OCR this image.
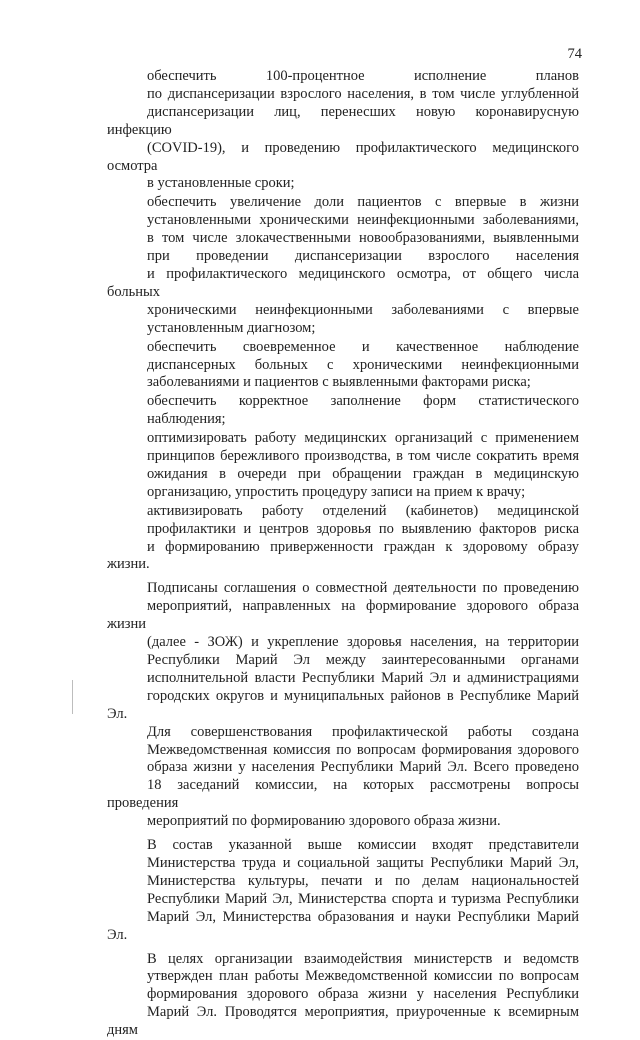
74

обеспечить 100-процентное исполнение планов
по диспансеризации взрослого населения, в том числе углубленной
диспансеризации лиц, перенесших новую коронавирусную инфекцию
(COVID-19), и проведению профилактического медицинского осмотра
в установленные сроки;

обеспечить увеличение доли пациентов с впервые в жизни
установленными хроническими неинфекционными заболеваниями,
в том числе злокачественными новообразованиями, выявленными
при проведении диспансеризации взрослого населения
и профилактического медицинского осмотра, от общего числа больных
хроническими неинфекционными заболеваниями с впервые
установленным диагнозом;

обеспечить своевременное и качественное наблюдение
диспансерных больных с хроническими неинфекционными
заболеваниями и пациентов с выявленными факторами риска;

обеспечить корректное заполнение форм статистического
наблюдения;

оптимизировать работу медицинских организаций с применением
принципов бережливого производства, в том числе сократить время
ожидания в очереди при обращении граждан в медицинскую
организацию, упростить процедуру записи на прием к врачу;

активизировать работу отделений (кабинетов) медицинской
профилактики и центров здоровья по выявлению факторов риска
и формированию приверженности граждан к здоровому образу жизни.

Подписаны соглашения о совместной деятельности по проведению
мероприятий, направленных на формирование здорового образа жизни
(далее - ЗОЖ) и укрепление здоровья населения, на территории
Республики Марий Эл между заинтересованными органами
исполнительной власти Республики Марий Эл и администрациями
городских округов и муниципальных районов в Республике Марий Эл.
Для совершенствования профилактической работы создана
Межведомственная комиссия по вопросам формирования здорового
образа жизни у населения Республики Марий Эл. Всего проведено
18 заседаний комиссии, на которых рассмотрены вопросы проведения
мероприятий по формированию здорового образа жизни.

В состав указанной выше комиссии входят представители
Министерства труда и социальной защиты Республики Марий Эл,
Министерства культуры, печати и по делам национальностей
Республики Марий Эл, Министерства спорта и туризма Республики
Марий Эл, Министерства образования и науки Республики Марий Эл.

В целях организации взаимодействия министерств и ведомств
утвержден план работы Межведомственной комиссии по вопросам
формирования здорового образа жизни у населения Республики
Марий Эл. Проводятся мероприятия, приуроченные к всемирным дням
